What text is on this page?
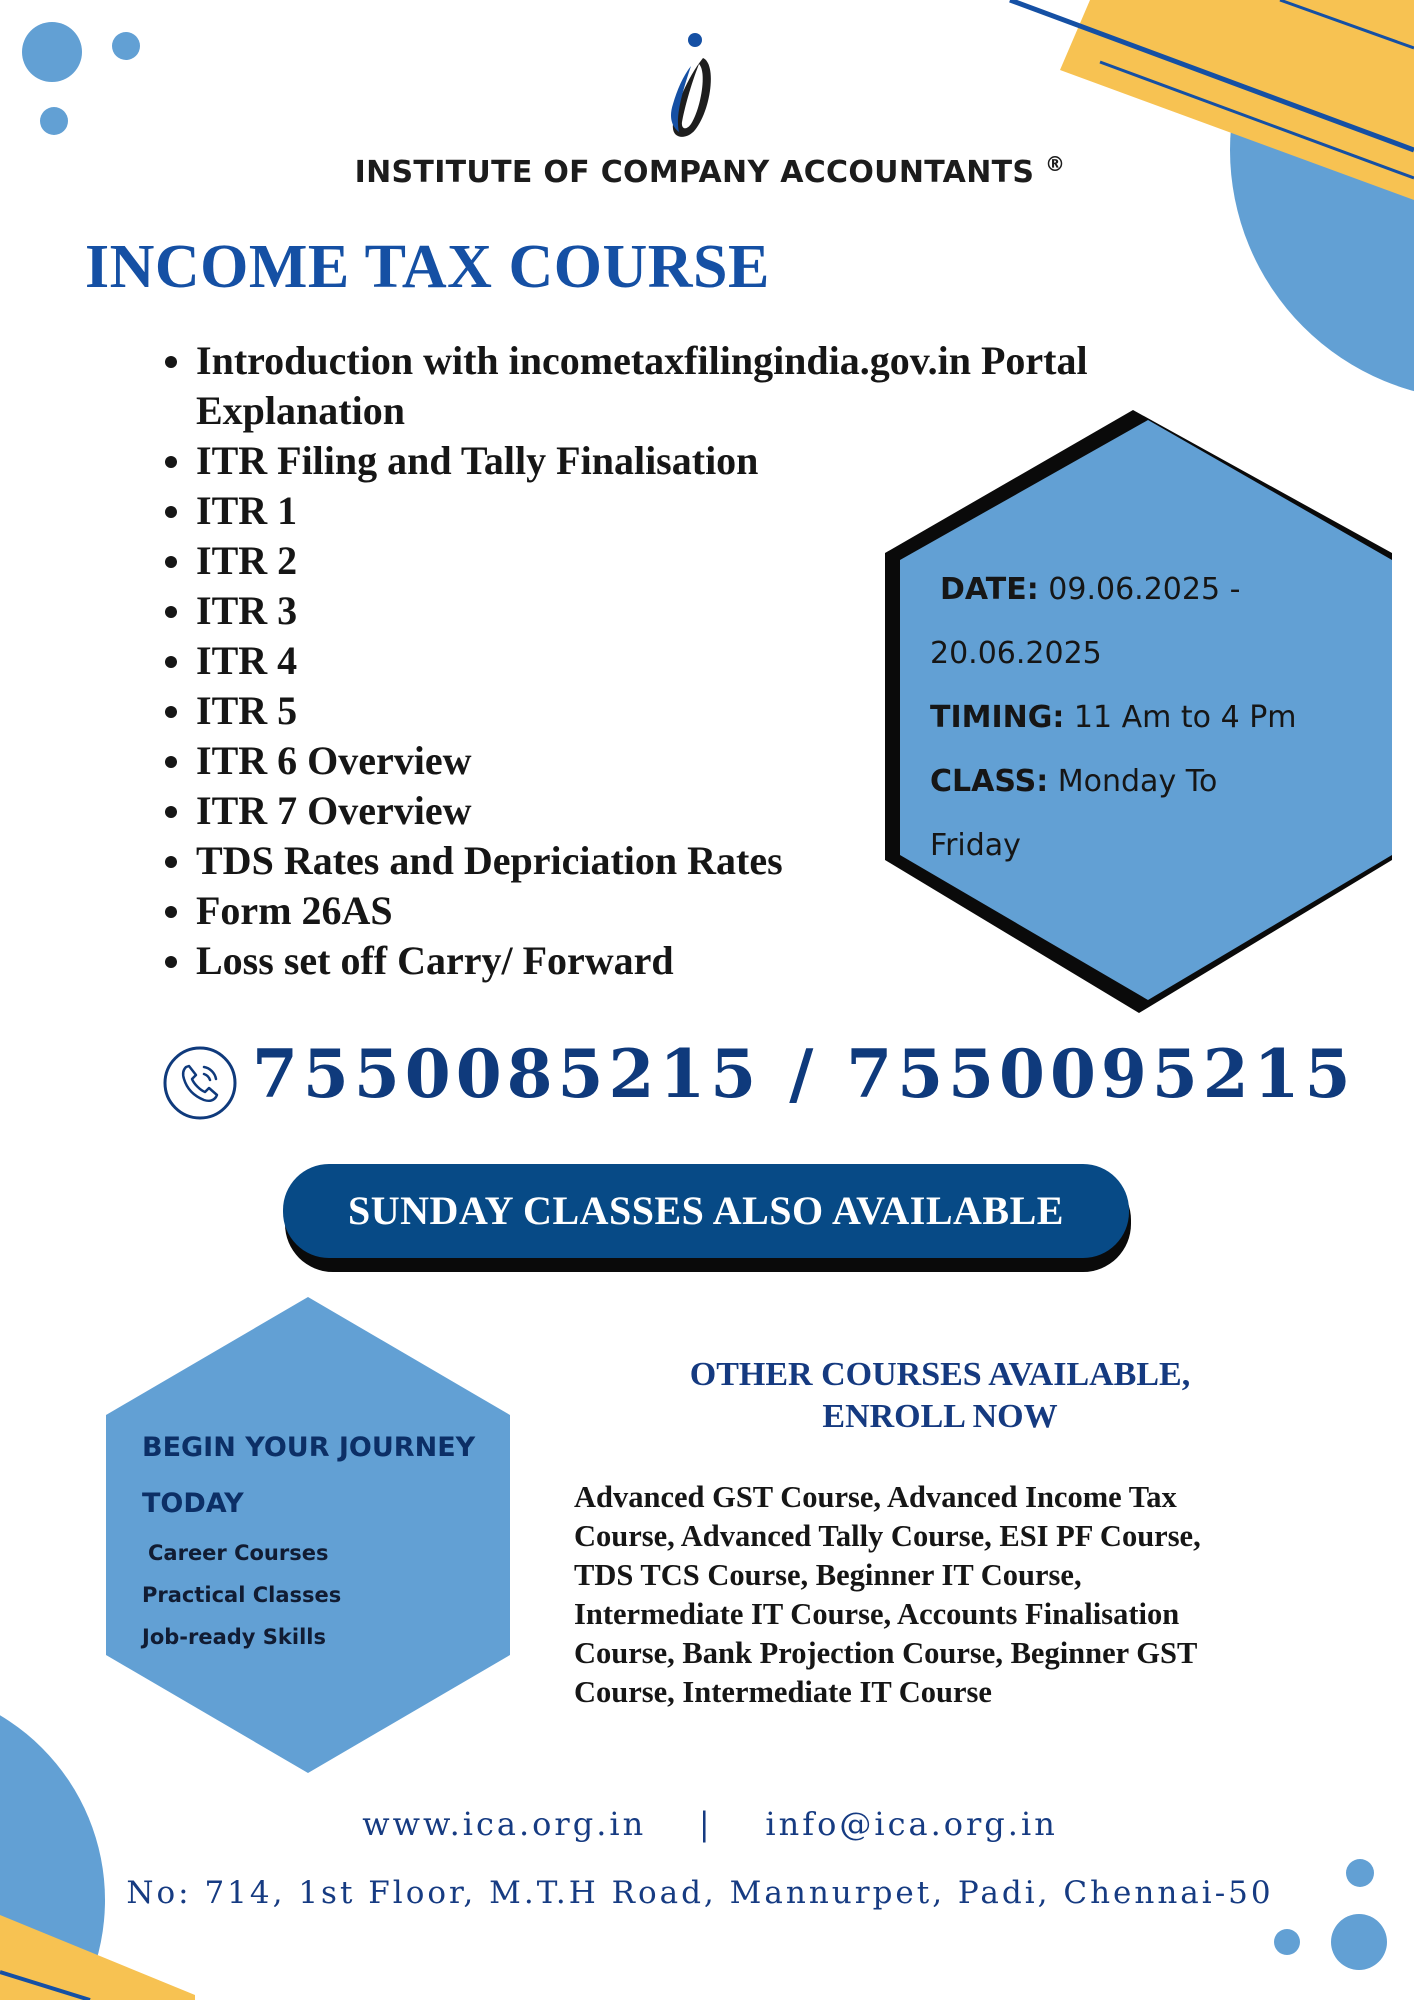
INSTITUTE OF COMPANY ACCOUNTANTS ®
INCOME TAX COURSE
• Introduction with incometaxfilingindia.gov.in Portal Explanation
• ITR Filing and Tally Finalisation
• ITR 1
• ITR 2
• ITR 3
• ITR 4
• ITR 5
• ITR 6 Overview
• ITR 7 Overview
• TDS Rates and Depriciation Rates
• Form 26AS
• Loss set off Carry/ Forward
DATE: 09.06.2025 -
20.06.2025
TIMING: 11 Am to 4 Pm
CLASS: Monday To
Friday
7550085215 / 7550095215
SUNDAY CLASSES ALSO AVAILABLE
BEGIN YOUR JOURNEY
TODAY
Career Courses
Practical Classes
Job-ready Skills
OTHER COURSES AVAILABLE,
ENROLL NOW
Advanced GST Course, Advanced Income Tax
Course, Advanced Tally Course, ESI PF Course,
TDS TCS Course, Beginner IT Course,
Intermediate IT Course, Accounts Finalisation
Course, Bank Projection Course, Beginner GST
Course, Intermediate IT Course
www.ica.org.in    |    info@ica.org.in
No: 714, 1st Floor, M.T.H Road, Mannurpet, Padi, Chennai-50
